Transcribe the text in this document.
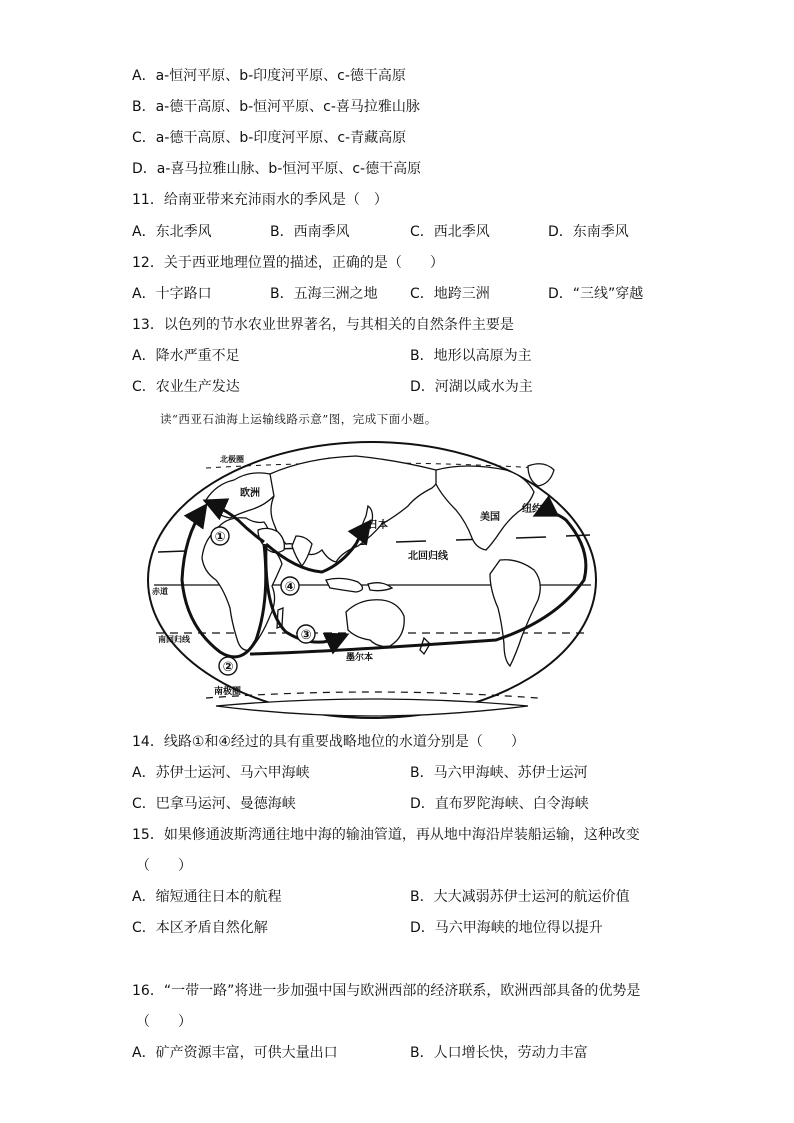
A．a-恒河平原、b-印度河平原、c-德干高原
B．a-德干高原、b-恒河平原、c-喜马拉雅山脉
C．a-德干高原、b-印度河平原、c-青藏高原
D．a-喜马拉雅山脉、b-恒河平原、c-德干高原
11．给南亚带来充沛雨水的季风是（　）
A．东北季风	B．西南季风	C．西北季风	D．东南季风
12．关于西亚地理位置的描述，正确的是（　　）
A．十字路口	B．五海三洲之地 C．地跨三洲	D．“三线”穿越
13．以色列的节水农业世界著名，与其相关的自然条件主要是
A．降水严重不足	B．地形以高原为主
C．农业生产发达	D．河湖以咸水为主
读“西亚石油海上运输线路示意”图，完成下面小题。
①
②
③
④
欧洲
日本
美国
纽约
北回归线
赤道
南回归线
墨尔本
南极圈
北极圈
14．线路①和④经过的具有重要战略地位的水道分别是（　　）
A．苏伊士运河、马六甲海峡	B．马六甲海峡、苏伊士运河
C．巴拿马运河、曼德海峡	D．直布罗陀海峡、白令海峡
15．如果修通波斯湾通往地中海的输油管道，再从地中海沿岸装船运输，这种改变
（　　）
A．缩短通往日本的航程	B．大大减弱苏伊士运河的航运价值
C．本区矛盾自然化解	D．马六甲海峡的地位得以提升
16．“一带一路”将进一步加强中国与欧洲西部的经济联系，欧洲西部具备的优势是
（　　）
A．矿产资源丰富，可供大量出口	B．人口增长快，劳动力丰富
